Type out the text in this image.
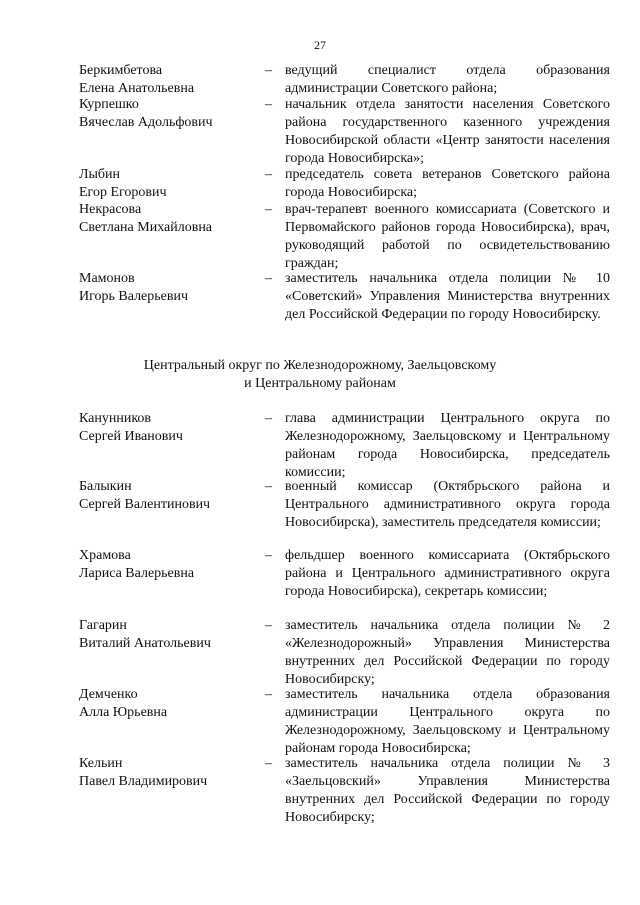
27
Беркимбетова
Елена Анатольевна
– ведущий специалист отдела образования администрации Советского района;
Курпешко
Вячеслав Адольфович
– начальник отдела занятости населения Советского района государственного казенного учреждения Новосибирской области «Центр занятости населения города Новосибирска»;
Лыбин
Егор Егорович
– председатель совета ветеранов Советского района города Новосибирска;
Некрасова
Светлана Михайловна
– врач-терапевт военного комиссариата (Советского и Первомайского районов города Новосибирска), врач, руководящий работой по освидетельствованию граждан;
Мамонов
Игорь Валерьевич
– заместитель начальника отдела полиции № 10 «Советский» Управления Министерства внутренних дел Российской Федерации по городу Новосибирску.
Центральный округ по Железнодорожному, Заельцовскому
и Центральному районам
Канунников
Сергей Иванович
– глава администрации Центрального округа по Железнодорожному, Заельцовскому и Центральному районам города Новосибирска, председатель комиссии;
Балыкин
Сергей Валентинович
– военный комиссар (Октябрьского района и Центрального административного округа города Новосибирска), заместитель председателя комиссии;
Храмова
Лариса Валерьевна
– фельдшер военного комиссариата (Октябрьского района и Центрального административного округа города Новосибирска), секретарь комиссии;
Гагарин
Виталий Анатольевич
– заместитель начальника отдела полиции № 2 «Железнодорожный» Управления Министерства внутренних дел Российской Федерации по городу Новосибирску;
Демченко
Алла Юрьевна
– заместитель начальника отдела образования администрации Центрального округа по Железнодорожному, Заельцовскому и Центральному районам города Новосибирска;
Кельин
Павел Владимирович
– заместитель начальника отдела полиции № 3 «Заельцовский» Управления Министерства внутренних дел Российской Федерации по городу Новосибирску;
